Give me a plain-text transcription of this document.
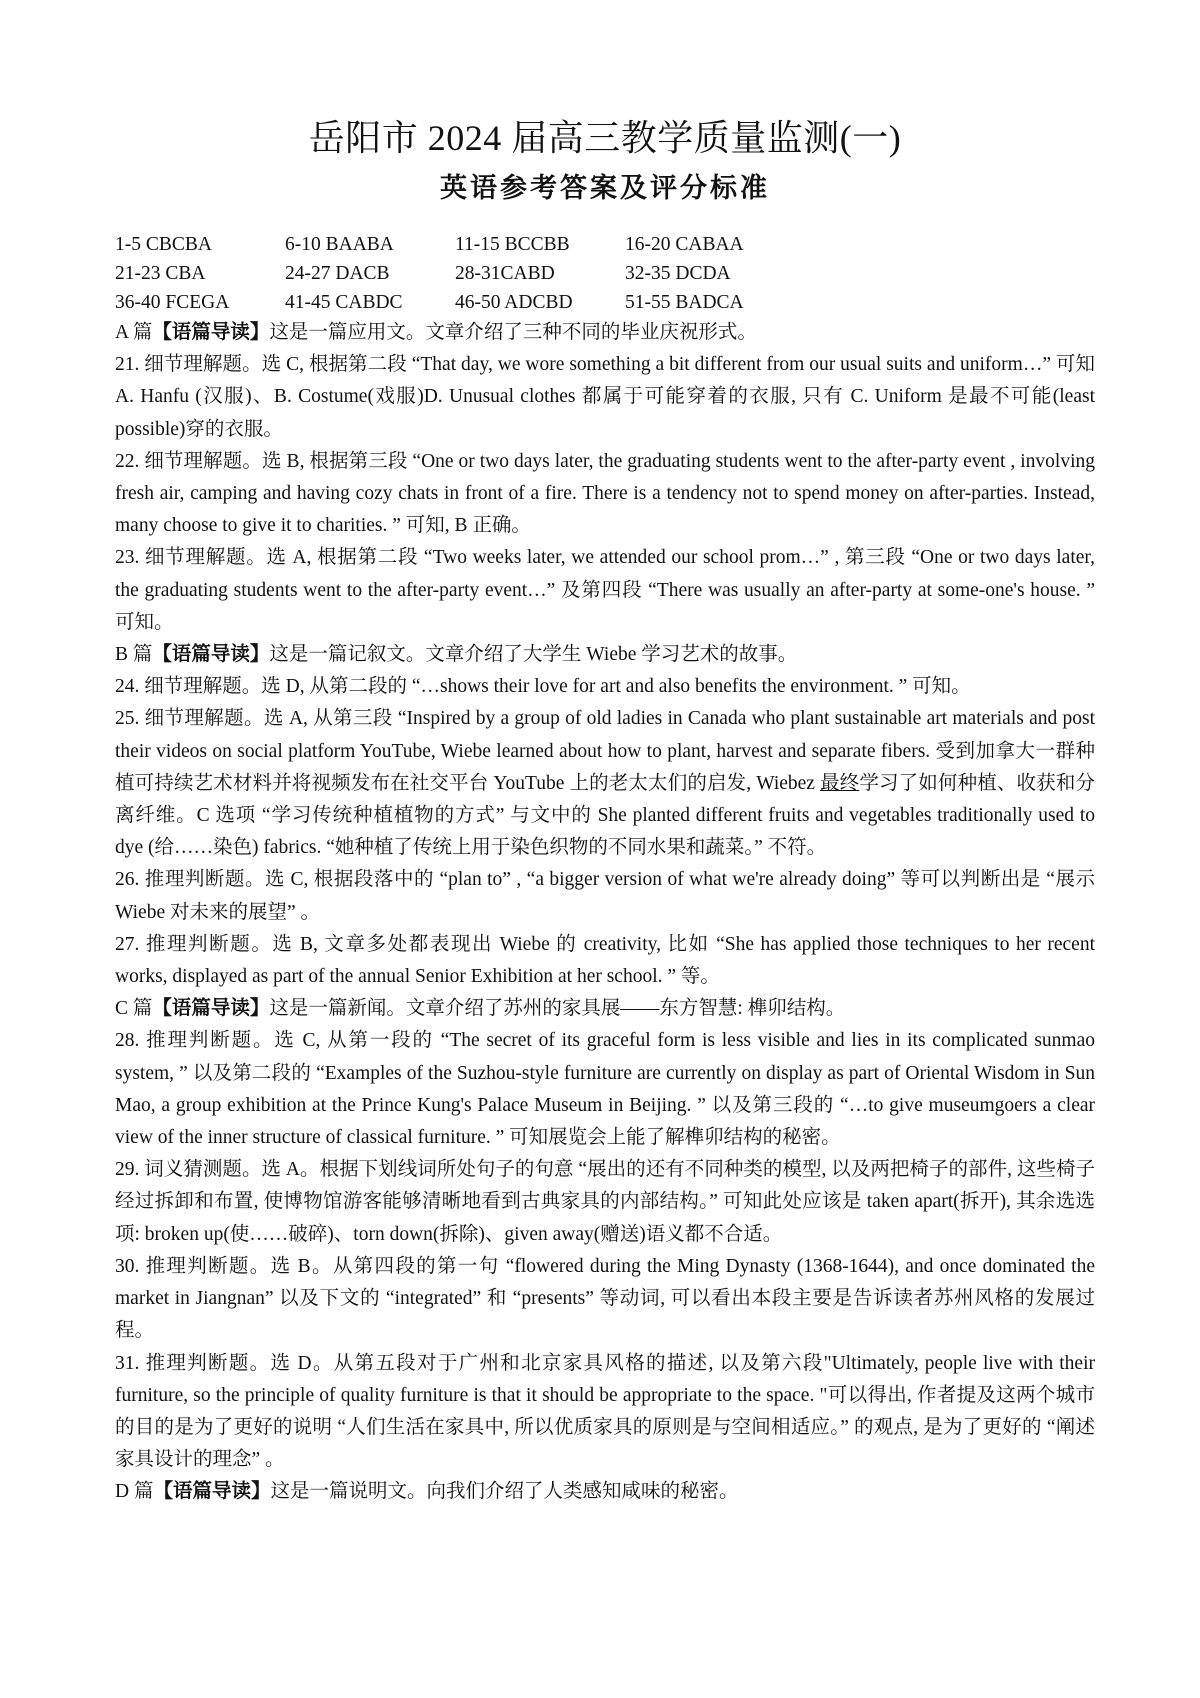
岳阳市 2024 届高三教学质量监测(一)
英语参考答案及评分标准
1-5 CBCBA	6-10 BAABA	11-15 BCCBB	16-20 CABAA
21-23 CBA	24-27 DACB	28-31CABD	32-35 DCDA
36-40 FCEGA	41-45 CABDC	46-50 ADCBD	51-55 BADCA

A 篇【语篇导读】这是一篇应用文。文章介绍了三种不同的毕业庆祝形式。

21. 细节理解题。选 C, 根据第二段 “That day, we wore something a bit different from our usual suits and uniform…” 可知 A. Hanfu (汉服)、B. Costume(戏服)D. Unusual clothes 都属于可能穿着的衣服, 只有 C. Uniform 是最不可能(least possible)穿的衣服。

22. 细节理解题。选 B, 根据第三段 “One or two days later, the graduating students went to the after-party event , involving fresh air, camping and having cozy chats in front of a fire. There is a tendency not to spend money on after-parties. Instead, many choose to give it to charities. ” 可知, B 正确。

23. 细节理解题。选 A, 根据第二段 “Two weeks later, we attended our school prom…” , 第三段 “One or two days later, the graduating students went to the after-party event…” 及第四段 “There was usually an after-party at some-one's house. ” 可知。

B 篇【语篇导读】这是一篇记叙文。文章介绍了大学生 Wiebe 学习艺术的故事。

24. 细节理解题。选 D, 从第二段的 “…shows their love for art and also benefits the environment. ” 可知。

25. 细节理解题。选 A, 从第三段 “Inspired by a group of old ladies in Canada who plant sustainable art materials and post their videos on social platform YouTube, Wiebe learned about how to plant, harvest and separate fibers. 受到加拿大一群种植可持续艺术材料并将视频发布在社交平台 YouTube 上的老太太们的启发, Wiebez 最终学习了如何种植、收获和分离纤维。C 选项 “学习传统种植植物的方式” 与文中的 She planted different fruits and vegetables traditionally used to dye (给……染色) fabrics. “她种植了传统上用于染色织物的不同水果和蔬菜。” 不符。

26. 推理判断题。选 C, 根据段落中的 “plan to” , “a bigger version of what we're already doing” 等可以判断出是 “展示 Wiebe 对未来的展望” 。

27. 推理判断题。选 B, 文章多处都表现出 Wiebe 的 creativity, 比如 “She has applied those techniques to her recent works, displayed as part of the annual Senior Exhibition at her school. ” 等。

C 篇【语篇导读】这是一篇新闻。文章介绍了苏州的家具展——东方智慧: 榫卯结构。

28. 推理判断题。选 C, 从第一段的 “The secret of its graceful form is less visible and lies in its complicated sunmao system, ” 以及第二段的 “Examples of the Suzhou-style furniture are currently on display as part of Oriental Wisdom in Sun Mao, a group exhibition at the Prince Kung's Palace Museum in Beijing. ” 以及第三段的 “…to give museumgoers a clear view of the inner structure of classical furniture. ” 可知展览会上能了解榫卯结构的秘密。

29. 词义猜测题。选 A。根据下划线词所处句子的句意 “展出的还有不同种类的模型, 以及两把椅子的部件, 这些椅子经过拆卸和布置, 使博物馆游客能够清晰地看到古典家具的内部结构。” 可知此处应该是 taken apart(拆开), 其余选选项: broken up(使……破碎)、torn down(拆除)、given away(赠送)语义都不合适。

30. 推理判断题。选 B。从第四段的第一句 “flowered during the Ming Dynasty (1368-1644), and once dominated the market in Jiangnan” 以及下文的 “integrated” 和 “presents” 等动词, 可以看出本段主要是告诉读者苏州风格的发展过程。

31. 推理判断题。选 D。从第五段对于广州和北京家具风格的描述, 以及第六段"Ultimately, people live with their furniture, so the principle of quality furniture is that it should be appropriate to the space. "可以得出, 作者提及这两个城市的目的是为了更好的说明 “人们生活在家具中, 所以优质家具的原则是与空间相适应。” 的观点, 是为了更好的 “阐述家具设计的理念” 。

D 篇【语篇导读】这是一篇说明文。向我们介绍了人类感知咸味的秘密。
